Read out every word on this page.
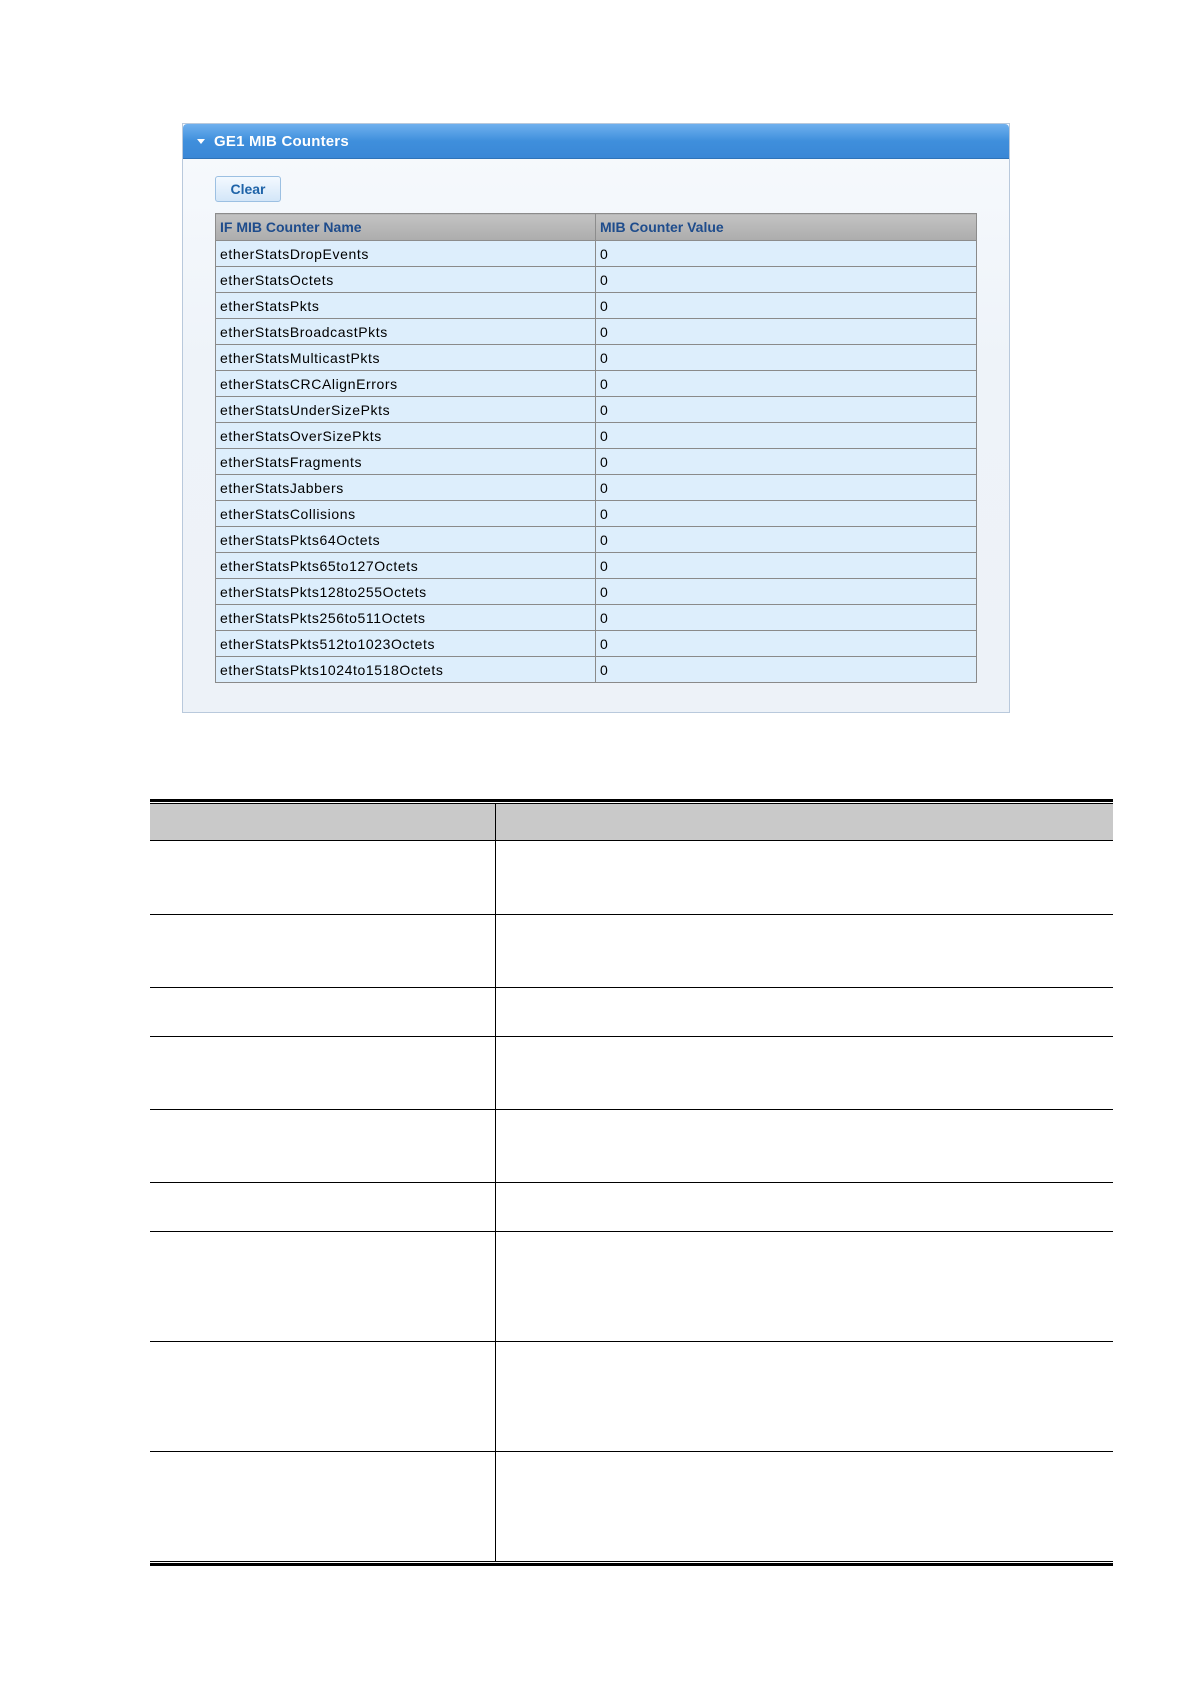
GE1 MIB Counters
Clear
IF MIB Counter Name	MIB Counter Value
etherStatsDropEvents	0
etherStatsOctets	0
etherStatsPkts	0
etherStatsBroadcastPkts	0
etherStatsMulticastPkts	0
etherStatsCRCAlignErrors	0
etherStatsUnderSizePkts	0
etherStatsOverSizePkts	0
etherStatsFragments	0
etherStatsJabbers	0
etherStatsCollisions	0
etherStatsPkts64Octets	0
etherStatsPkts65to127Octets	0
etherStatsPkts128to255Octets	0
etherStatsPkts256to511Octets	0
etherStatsPkts512to1023Octets	0
etherStatsPkts1024to1518Octets	0
